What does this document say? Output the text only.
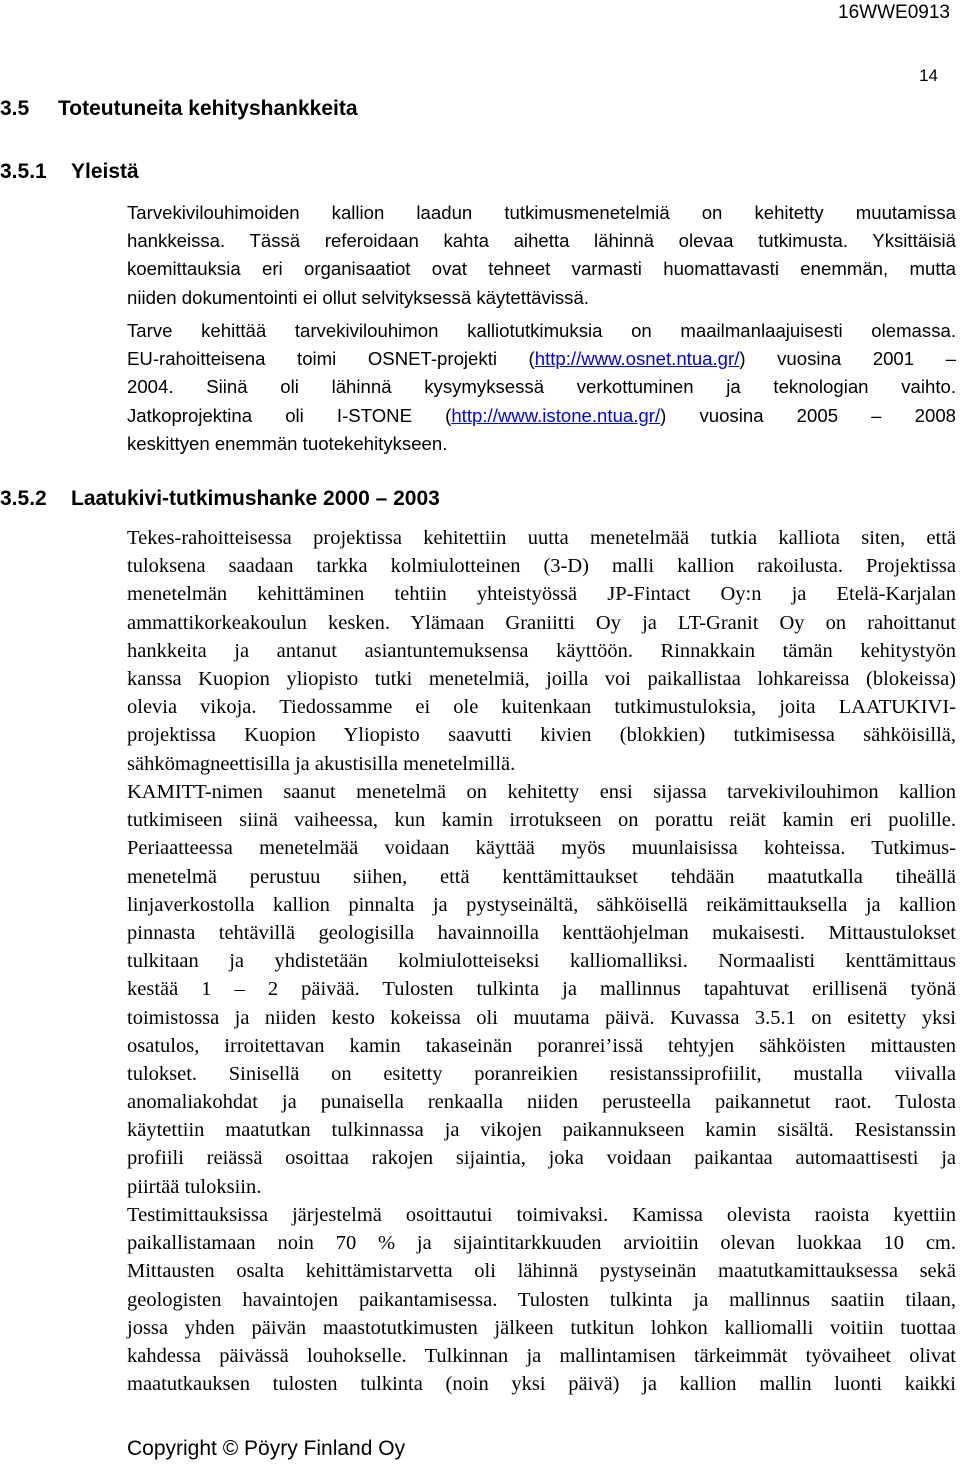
16WWE0913
14
3.5 Toteutuneita kehityshankkeita
3.5.1 Yleistä
Tarvekivilouhimoiden kallion laadun tutkimusmenetelmiä on kehitetty muutamissa
hankkeissa. Tässä referoidaan kahta aihetta lähinnä olevaa tutkimusta. Yksittäisiä
koemittauksia eri organisaatiot ovat tehneet varmasti huomattavasti enemmän, mutta
niiden dokumentointi ei ollut selvityksessä käytettävissä.
Tarve kehittää tarvekivilouhimon kalliotutkimuksia on maailmanlaajuisesti olemassa.
EU-rahoitteisena toimi OSNET-projekti (http://www.osnet.ntua.gr/) vuosina 2001 –
2004. Siinä oli lähinnä kysymyksessä verkottuminen ja teknologian vaihto.
Jatkoprojektina oli I-STONE (http://www.istone.ntua.gr/) vuosina 2005 – 2008
keskittyen enemmän tuotekehitykseen.
3.5.2 Laatukivi-tutkimushanke 2000 – 2003
Tekes-rahoitteisessa projektissa kehitettiin uutta menetelmää tutkia kalliota siten, että
tuloksena saadaan tarkka kolmiulotteinen (3-D) malli kallion rakoilusta. Projektissa
menetelmän kehittäminen tehtiin yhteistyössä JP-Fintact Oy:n ja Etelä-Karjalan
ammattikorkeakoulun kesken. Ylämaan Graniitti Oy ja LT-Granit Oy on rahoittanut
hankkeita ja antanut asiantuntemuksensa käyttöön. Rinnakkain tämän kehitystyön
kanssa Kuopion yliopisto tutki menetelmiä, joilla voi paikallistaa lohkareissa (blokeissa)
olevia vikoja. Tiedossamme ei ole kuitenkaan tutkimustuloksia, joita LAATUKIVI-
projektissa Kuopion Yliopisto saavutti kivien (blokkien) tutkimisessa sähköisillä,
sähkömagneettisilla ja akustisilla menetelmillä.
KAMITT-nimen saanut menetelmä on kehitetty ensi sijassa tarvekivilouhimon kallion
tutkimiseen siinä vaiheessa, kun kamin irrotukseen on porattu reiät kamin eri puolille.
Periaatteessa menetelmää voidaan käyttää myös muunlaisissa kohteissa. Tutkimus-
menetelmä perustuu siihen, että kenttämittaukset tehdään maatutkalla tiheällä
linjaverkostolla kallion pinnalta ja pystyseinältä, sähköisellä reikämittauksella ja kallion
pinnasta tehtävillä geologisilla havainnoilla kenttäohjelman mukaisesti. Mittaustulokset
tulkitaan ja yhdistetään kolmiulotteiseksi kalliomalliksi. Normaalisti kenttämittaus
kestää 1 – 2 päivää. Tulosten tulkinta ja mallinnus tapahtuvat erillisenä työnä
toimistossa ja niiden kesto kokeissa oli muutama päivä. Kuvassa 3.5.1 on esitetty yksi
osatulos, irroitettavan kamin takaseinän poranrei’issä tehtyjen sähköisten mittausten
tulokset. Sinisellä on esitetty poranreikien resistanssiprofiilit, mustalla viivalla
anomaliakohdat ja punaisella renkaalla niiden perusteella paikannetut raot. Tulosta
käytettiin maatutkan tulkinnassa ja vikojen paikannukseen kamin sisältä. Resistanssin
profiili reiässä osoittaa rakojen sijaintia, joka voidaan paikantaa automaattisesti ja
piirtää tuloksiin.
Testimittauksissa järjestelmä osoittautui toimivaksi. Kamissa olevista raoista kyettiin
paikallistamaan noin 70 % ja sijaintitarkkuuden arvioitiin olevan luokkaa 10 cm.
Mittausten osalta kehittämistarvetta oli lähinnä pystyseinän maatutkamittauksessa sekä
geologisten havaintojen paikantamisessa. Tulosten tulkinta ja mallinnus saatiin tilaan,
jossa yhden päivän maastotutkimusten jälkeen tutkitun lohkon kalliomalli voitiin tuottaa
kahdessa päivässä louhokselle. Tulkinnan ja mallintamisen tärkeimmät työvaiheet olivat
maatutkauksen tulosten tulkinta (noin yksi päivä) ja kallion mallin luonti kaikki
Copyright © Pöyry Finland Oy
